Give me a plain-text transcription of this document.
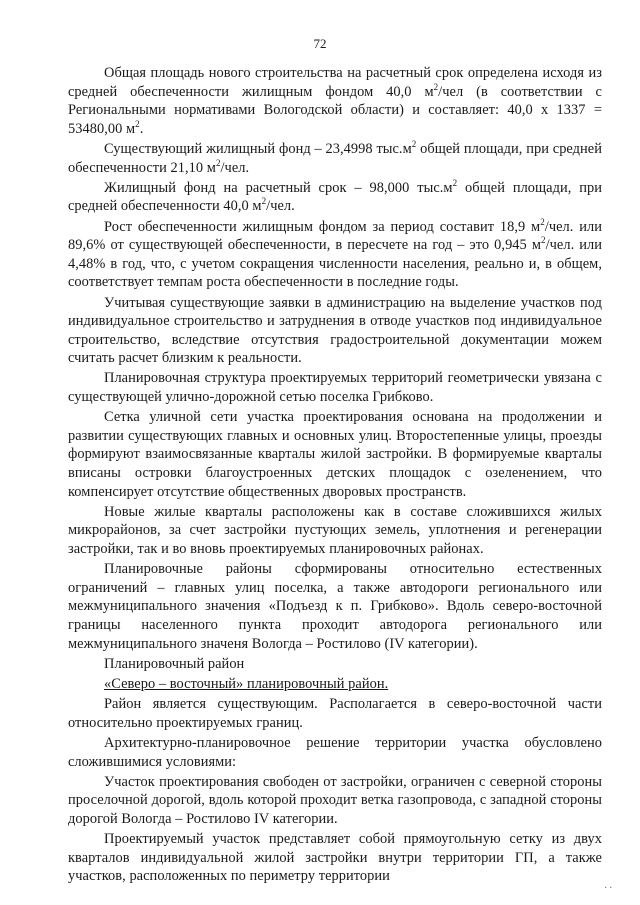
72

Общая площадь нового строительства на расчетный срок определена исходя из средней обеспеченности жилищным фондом 40,0 $м^2$/чел (в соответствии с Региональными нормативами Вологодской области) и составляет: 40,0 х 1337 = 53480,00 $м^2$.

Существующий жилищный фонд – 23,4998 $тыс.м^2$ общей площади, при средней обеспеченности 21,10 $м^2$/чел.

Жилищный фонд на расчетный срок – 98,000 $тыс.м^2$ общей площади, при средней обеспеченности 40,0 $м^2$/чел.

Рост обеспеченности жилищным фондом за период составит 18,9 $м^2$/чел. или 89,6% от существующей обеспеченности, в пересчете на год – это 0,945 $м^2$/чел. или 4,48% в год, что, с учетом сокращения численности населения, реально и, в общем, соответствует темпам роста обеспеченности в последние годы.

Учитывая существующие заявки в администрацию на выделение участков под индивидуальное строительство и затруднения в отводе участков под индивидуальное строительство, вследствие отсутствия градостроительной документации можем считать расчет близким к реальности.

Планировочная структура проектируемых территорий геометрически увязана с существующей улично-дорожной сетью поселка Грибково.

Сетка уличной сети участка проектирования основана на продолжении и развитии существующих главных и основных улиц. Второстепенные улицы, проезды формируют взаимосвязанные кварталы жилой застройки. В формируемые кварталы вписаны островки благоустроенных детских площадок с озеленением, что компенсирует отсутствие общественных дворовых пространств.

Новые жилые кварталы расположены как в составе сложившихся жилых микрорайонов, за счет застройки пустующих земель, уплотнения и регенерации застройки, так и во вновь проектируемых планировочных районах.

Планировочные районы сформированы относительно естественных ограничений – главных улиц поселка, а также автодороги регионального или межмуниципального значения «Подъезд к п. Грибково». Вдоль северо-восточной границы населенного пункта проходит автодорога регионального или межмуниципального значеня Вологда – Ростилово (IV категории).

Планировочный район

«Северо – восточный» планировочный район.

Район является существующим. Располагается в северо-восточной части относительно проектируемых границ.

Архитектурно-планировочное решение территории участка обусловлено сложившимися условиями:

Участок проектирования свободен от застройки, ограничен с северной стороны проселочной дорогой, вдоль которой проходит ветка газопровода, с западной стороны дорогой Вологда – Ростилово IV категории.

Проектируемый участок представляет собой прямоугольную сетку из двух кварталов индивидуальной жилой застройки внутри территории ГП, а также участков, расположенных по периметру территории

. .
